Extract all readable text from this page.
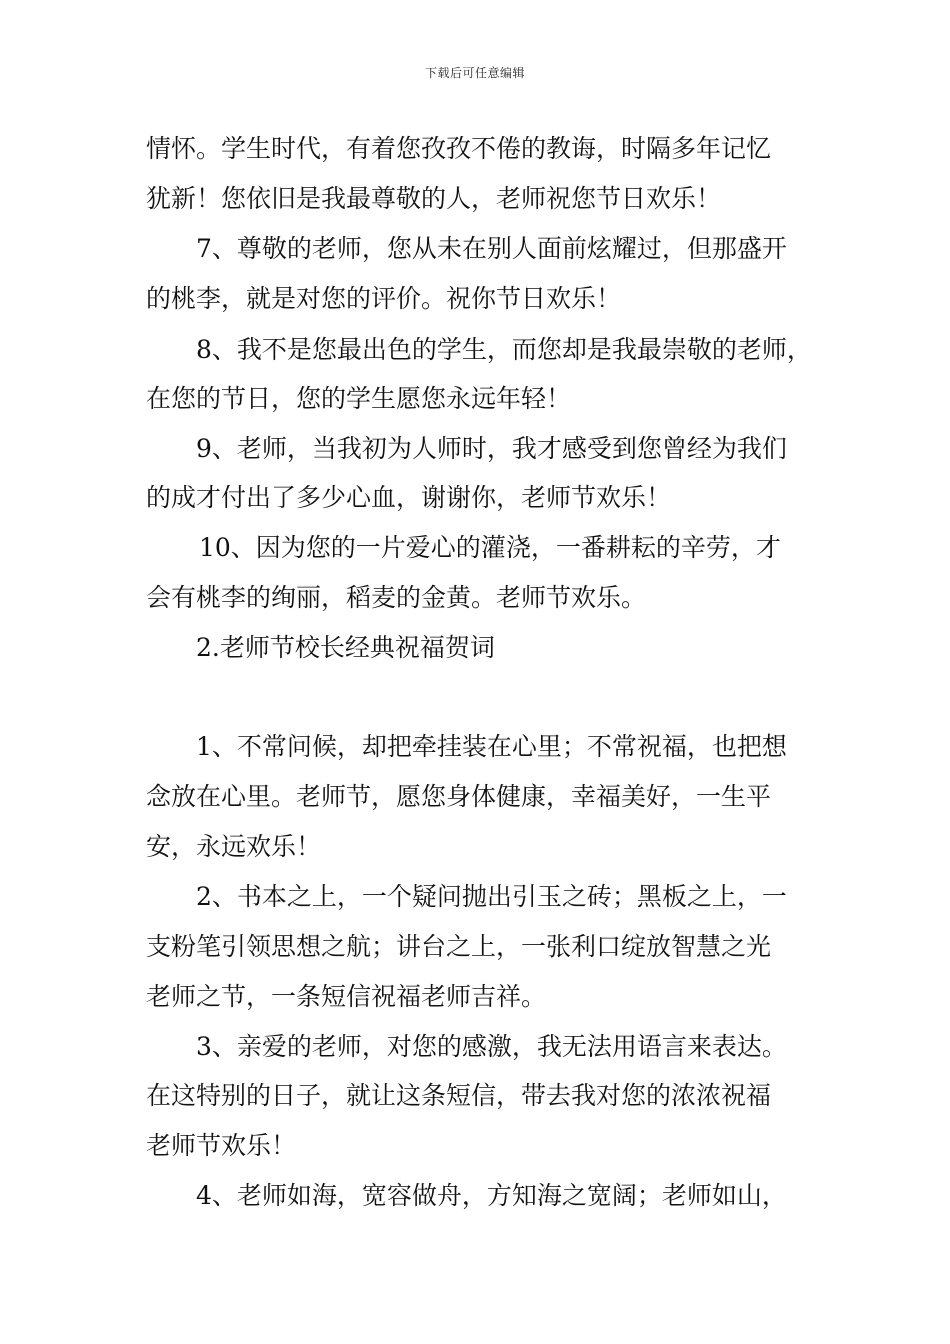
下载后可任意编辑
情怀。学生时代，有着您孜孜不倦的教诲，时隔多年记忆
犹新！您依旧是我最尊敬的人，老师祝您节日欢乐！
7、尊敬的老师，您从未在别人面前炫耀过，但那盛开
的桃李，就是对您的评价。祝你节日欢乐！
8、我不是您最出色的学生，而您却是我最崇敬的老师，
在您的节日，您的学生愿您永远年轻！
9、老师，当我初为人师时，我才感受到您曾经为我们
的成才付出了多少心血，谢谢你，老师节欢乐！
10、因为您的一片爱心的灌浇，一番耕耘的辛劳，才
会有桃李的绚丽，稻麦的金黄。老师节欢乐。
2.老师节校长经典祝福贺词
1、不常问候，却把牵挂装在心里；不常祝福，也把想
念放在心里。老师节，愿您身体健康，幸福美好，一生平
安，永远欢乐！
2、书本之上，一个疑问抛出引玉之砖；黑板之上，一
支粉笔引领思想之航；讲台之上，一张利口绽放智慧之光
老师之节，一条短信祝福老师吉祥。
3、亲爱的老师，对您的感激，我无法用语言来表达。
在这特别的日子，就让这条短信，带去我对您的浓浓祝福
老师节欢乐！
4、老师如海，宽容做舟，方知海之宽阔；老师如山，
